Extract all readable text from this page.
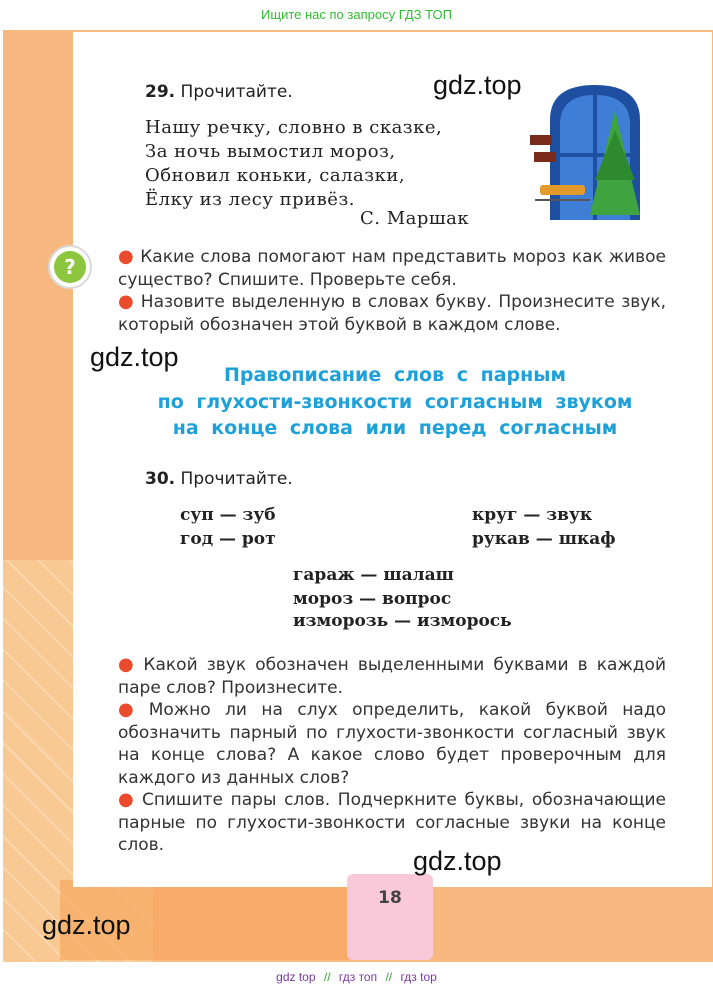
Ищите нас по запросу ГДЗ ТОП
29. Прочитайте.
Нашу речку, словно в сказке,
За ночь вымостил мороз,
Обновил коньки, салазки,
Ёлку из лесу привёз.
С. Маршак
? ● Какие слова помогают нам представить мороз как живое существо? Спишите. Проверьте себя.
● Назовите выделенную в словах букву. Произнесите звук, который обозначен этой буквой в каждом слове.
Правописание слов с парным
по глухости-звонкости согласным звуком
на конце слова или перед согласным
30. Прочитайте.
суп — зуб
год — рот
круг — звук
рукав — шкаф
гараж — шалаш
мороз — вопрос
изморозь — изморось
● Какой звук обозначен выделенными буквами в каждой паре слов? Произнесите.
● Можно ли на слух определить, какой буквой надо обозначить парный по глухости-звонкости согласный звук на конце слова? А какое слово будет проверочным для каждого из данных слов?
● Спишите пары слов. Подчеркните буквы, обозначающие парные по глухости-звонкости согласные звуки на конце слов.
18
gdz.top
gdz.top
gdz.top
gdz.top
gdz top // гдз топ // гдз top
